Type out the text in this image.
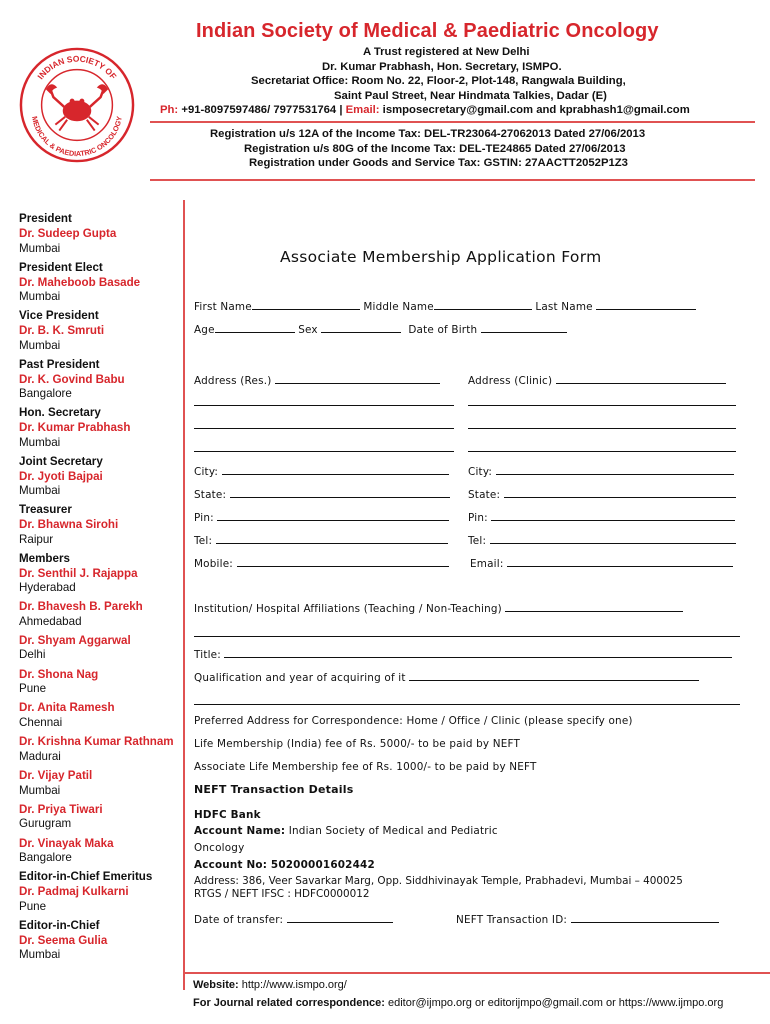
INDIAN SOCIETY OF
MEDICAL & PAEDIATRIC ONCOLOGY
Indian Society of Medical & Paediatric Oncology
A Trust registered at New Delhi
Dr. Kumar Prabhash, Hon. Secretary, ISMPO.
Secretariat Office: Room No. 22, Floor-2, Plot-148, Rangwala Building,
Saint Paul Street, Near Hindmata Talkies, Dadar (E)
Ph: +91-8097597486/ 7977531764 | Email: ismposecretary@gmail.com and kprabhash1@gmail.com
Registration u/s 12A of the Income Tax: DEL-TR23064-27062013 Dated 27/06/2013
Registration u/s 80G of the Income Tax: DEL-TE24865 Dated 27/06/2013
Registration under Goods and Service Tax: GSTIN: 27AACTT2052P1Z3
President
Dr. Sudeep Gupta
Mumbai
President Elect
Dr. Maheboob Basade
Mumbai
Vice President
Dr. B. K. Smruti
Mumbai
Past President
Dr. K. Govind Babu
Bangalore
Hon. Secretary
Dr. Kumar Prabhash
Mumbai
Joint Secretary
Dr. Jyoti Bajpai
Mumbai
Treasurer
Dr. Bhawna Sirohi
Raipur
Members
Dr. Senthil J. Rajappa
Hyderabad
Dr. Bhavesh B. Parekh
Ahmedabad
Dr. Shyam Aggarwal
Delhi
Dr. Shona Nag
Pune
Dr. Anita Ramesh
Chennai
Dr. Krishna Kumar Rathnam
Madurai
Dr. Vijay Patil
Mumbai
Dr. Priya Tiwari
Gurugram
Dr. Vinayak Maka
Bangalore
Editor-in-Chief Emeritus
Dr. Padmaj Kulkarni
Pune
Editor-in-Chief
Dr. Seema Gulia
Mumbai
Associate Membership Application Form
First Name	Middle Name	Last Name
Age	Sex	Date of Birth
Address (Res.)	Address (Clinic)
City:	City:
State:	State:
Pin:	Pin:
Tel:	Tel:
Mobile:	Email:
Institution/ Hospital Affiliations (Teaching / Non-Teaching)
Title:
Qualification and year of acquiring of it
Preferred Address for Correspondence: Home / Office / Clinic (please specify one)
Life Membership (India) fee of Rs. 5000/- to be paid by NEFT
Associate Life Membership fee of Rs. 1000/- to be paid by NEFT
NEFT Transaction Details
HDFC Bank
Account Name: Indian Society of Medical and Pediatric
Oncology
Account No: 50200001602442
Address: 386, Veer Savarkar Marg, Opp. Siddhivinayak Temple, Prabhadevi, Mumbai – 400025
RTGS / NEFT IFSC : HDFC0000012
Date of transfer:	NEFT Transaction ID:
Website: http://www.ismpo.org/
For Journal related correspondence: editor@ijmpo.org or editorijmpo@gmail.com or https://www.ijmpo.org
